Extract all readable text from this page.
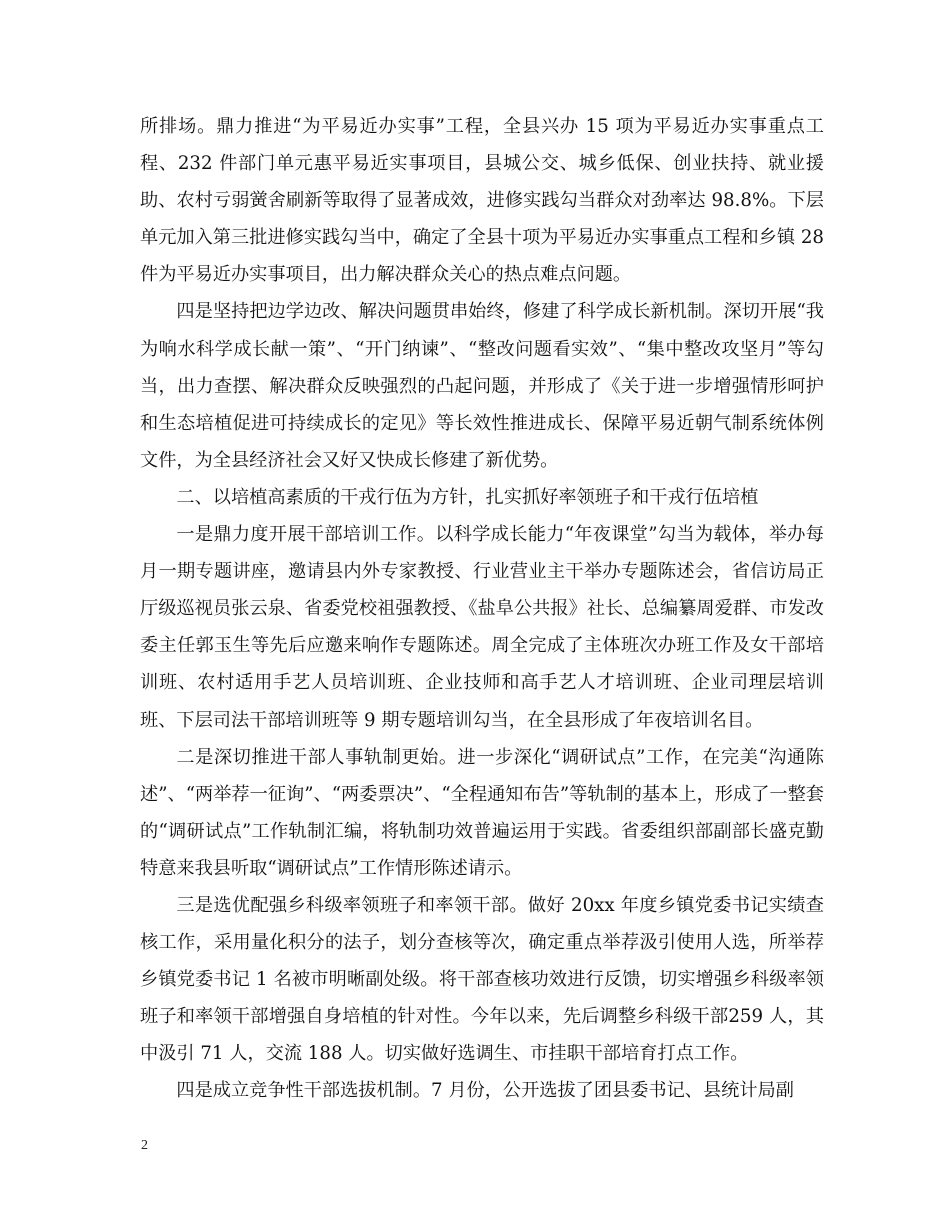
所排场。鼎力推进“为平易近办实事”工程，全县兴办 15 项为平易近办实事重点工程、232 件部门单元惠平易近实事项目，县城公交、城乡低保、创业扶持、就业援助、农村亏弱黉舍刷新等取得了显著成效，进修实践勾当群众对劲率达 98.8%。下层单元加入第三批进修实践勾当中，确定了全县十项为平易近办实事重点工程和乡镇 28 件为平易近办实事项目，出力解决群众关心的热点难点问题。

四是坚持把边学边改、解决问题贯串始终，修建了科学成长新机制。深切开展“我为响水科学成长献一策”、“开门纳谏”、“整改问题看实效”、“集中整改攻坚月”等勾当，出力查摆、解决群众反映强烈的凸起问题，并形成了《关于进一步增强情形呵护和生态培植促进可持续成长的定见》等长效性推进成长、保障平易近朝气制系统体例文件，为全县经济社会又好又快成长修建了新优势。

二、以培植高素质的干戎行伍为方针，扎实抓好率领班子和干戎行伍培植

一是鼎力度开展干部培训工作。以科学成长能力“年夜课堂”勾当为载体，举办每月一期专题讲座，邀请县内外专家教授、行业营业主干举办专题陈述会，省信访局正厅级巡视员张云泉、省委党校祖强教授、《盐阜公共报》社长、总编纂周爱群、市发改委主任郭玉生等先后应邀来响作专题陈述。周全完成了主体班次办班工作及女干部培训班、农村适用手艺人员培训班、企业技师和高手艺人才培训班、企业司理层培训班、下层司法干部培训班等 9 期专题培训勾当，在全县形成了年夜培训名目。

二是深切推进干部人事轨制更始。进一步深化“调研试点”工作，在完美“沟通陈述”、“两举荐一征询”、“两委票决”、“全程通知布告”等轨制的基本上，形成了一整套的“调研试点”工作轨制汇编，将轨制功效普遍运用于实践。省委组织部副部长盛克勤特意来我县听取“调研试点”工作情形陈述请示。

三是选优配强乡科级率领班子和率领干部。做好 20xx 年度乡镇党委书记实绩查核工作，采用量化积分的法子，划分查核等次，确定重点举荐汲引使用人选，所举荐乡镇党委书记 1 名被市明晰副处级。将干部查核功效进行反馈，切实增强乡科级率领班子和率领干部增强自身培植的针对性。今年以来，先后调整乡科级干部259 人，其中汲引 71 人，交流 188 人。切实做好选调生、市挂职干部培育打点工作。

四是成立竞争性干部选拔机制。7 月份，公开选拔了团县委书记、县统计局副

2
